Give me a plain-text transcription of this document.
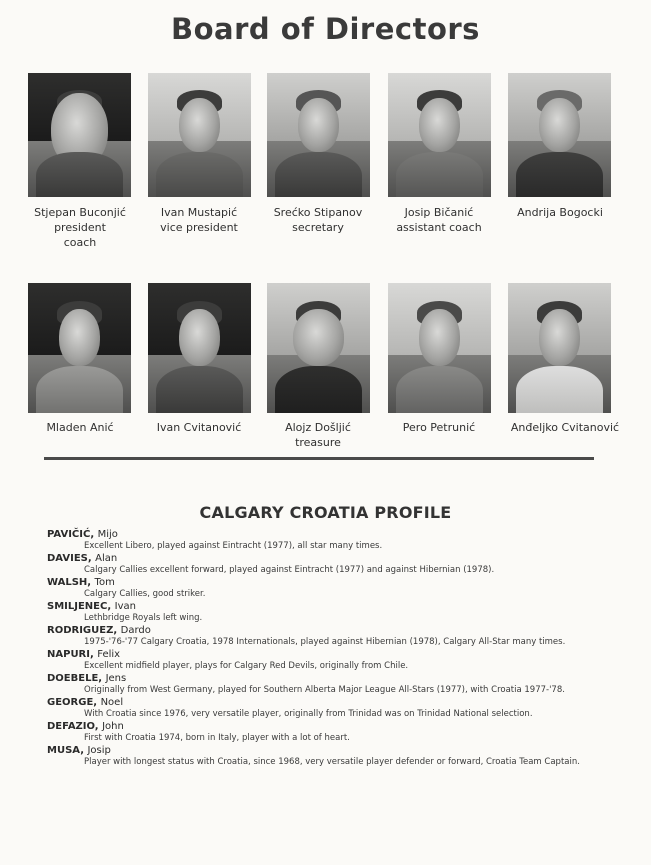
Board of Directors
Stjepan Buconjić
president
coach
Ivan Mustapić
vice president
Srećko Stipanov
secretary
Josip Bičanić
assistant coach
Andrija Bogocki
Mladen Anić	Ivan Cvitanović	Alojz Došljić
treasure
Pero Petrunić	Anđeljko Cvitanović
CALGARY CROATIA PROFILE
PAVIČIĆ, Mijo
Excellent Libero, played against Eintracht (1977), all star many times.
DAVIES, Alan
Calgary Callies excellent forward, played against Eintracht (1977) and against Hibernian (1978).
WALSH, Tom
Calgary Callies, good striker.
SMILJENEC, Ivan
Lethbridge Royals left wing.
RODRIGUEZ, Dardo
1975-'76-'77 Calgary Croatia, 1978 Internationals, played against Hibernian (1978), Calgary All-Star many times.
NAPURI, Felix
Excellent midfield player, plays for Calgary Red Devils, originally from Chile.
DOEBELE, Jens
Originally from West Germany, played for Southern Alberta Major League All-Stars (1977), with Croatia 1977-'78.
GEORGE, Noel
With Croatia since 1976, very versatile player, originally from Trinidad was on Trinidad National selection.
DEFAZIO, John
First with Croatia 1974, born in Italy, player with a lot of heart.
MUSA, Josip
Player with longest status with Croatia, since 1968, very versatile player defender or forward, Croatia Team Captain.
